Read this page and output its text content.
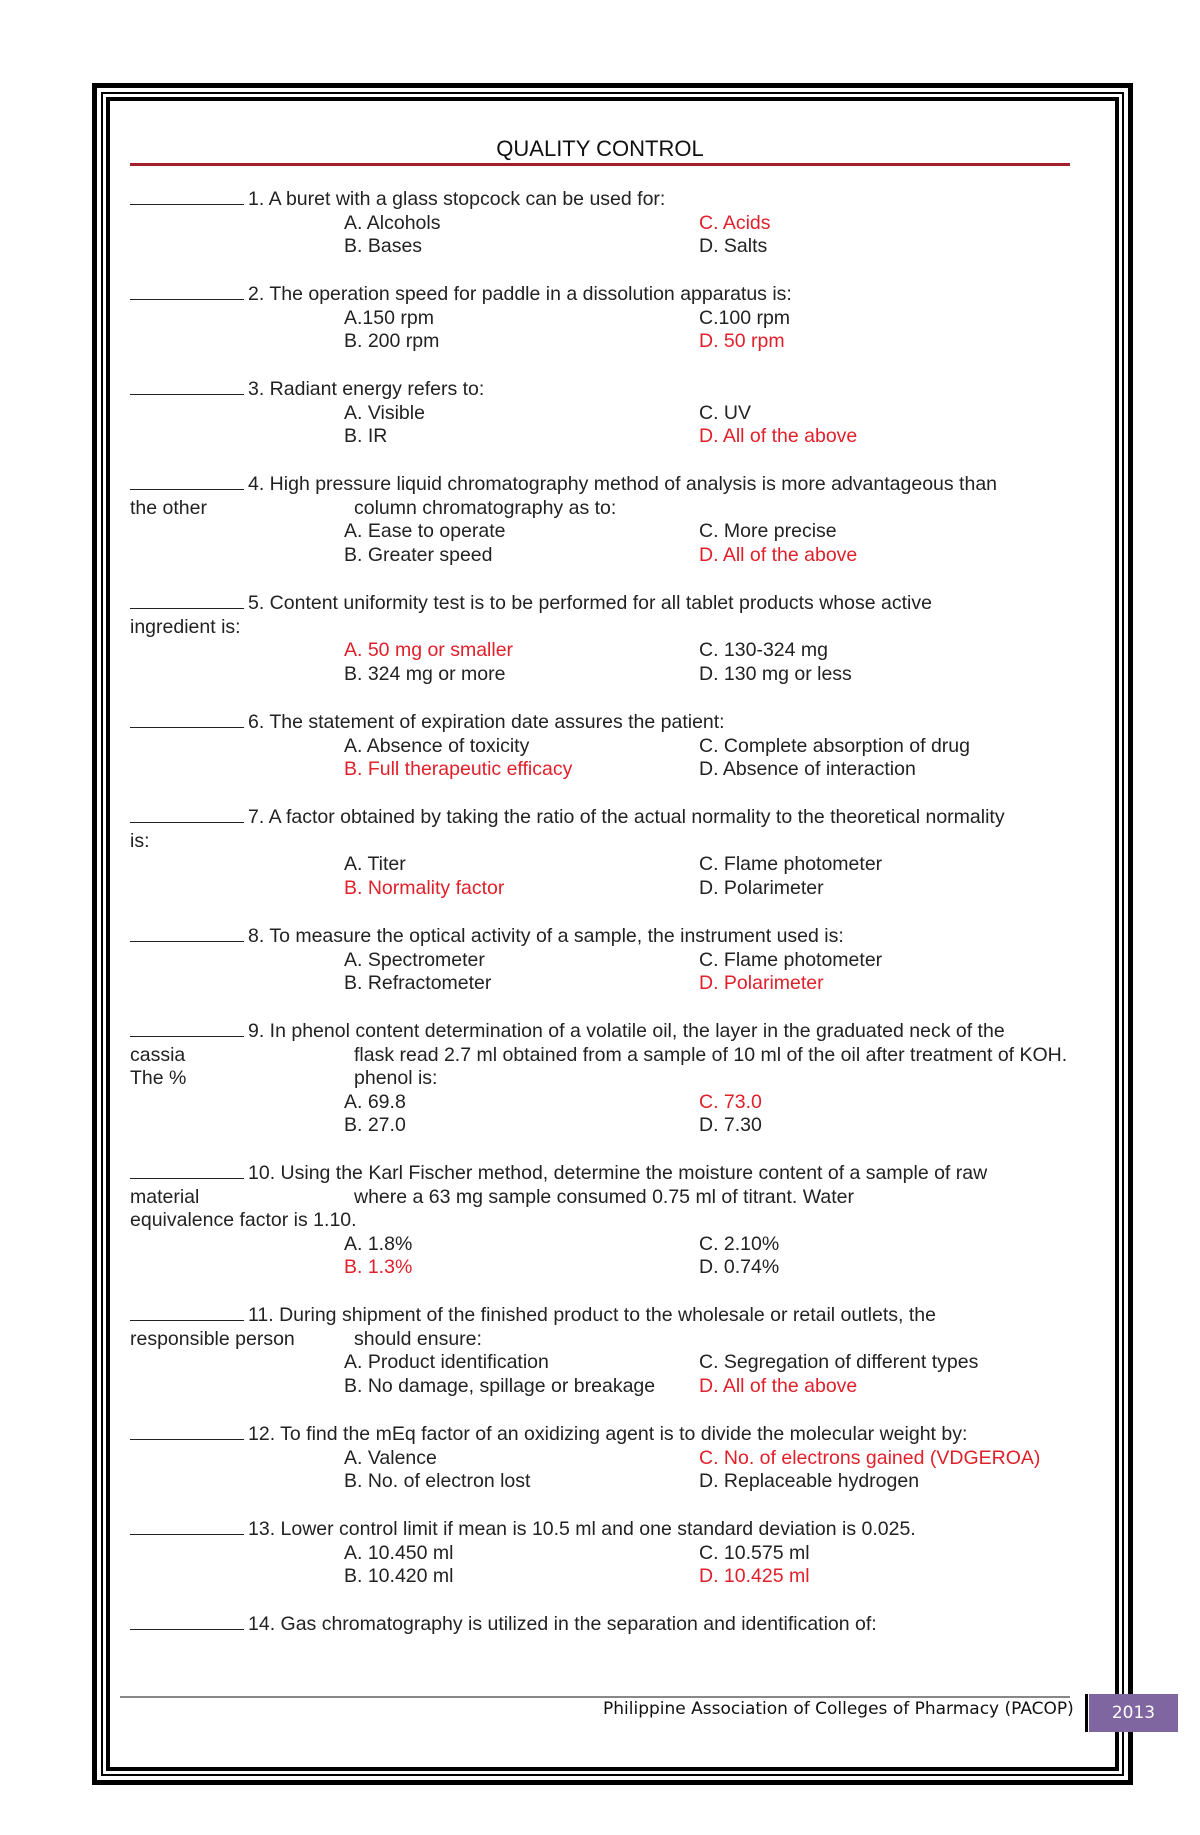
QUALITY CONTROL
1. A buret with a glass stopcock can be used for:
A. Alcohols	C. Acids
B. Bases	D. Salts
2. The operation speed for paddle in a dissolution apparatus is:
A.150 rpm	C.100 rpm
B. 200 rpm	D. 50 rpm
3. Radiant energy refers to:
A. Visible	C. UV
B. IR	D. All of the above
4. High pressure liquid chromatography method of analysis is more advantageous than
the other	column chromatography as to:
A. Ease to operate	C. More precise
B. Greater speed	D. All of the above
5. Content uniformity test is to be performed for all tablet products whose active
ingredient is:
A. 50 mg or smaller	C. 130-324 mg
B. 324 mg or more	D. 130 mg or less
6. The statement of expiration date assures the patient:
A. Absence of toxicity	C. Complete absorption of drug
B. Full therapeutic efficacy	D. Absence of interaction
7. A factor obtained by taking the ratio of the actual normality to the theoretical normality
is:
A. Titer	C. Flame photometer
B. Normality factor	D. Polarimeter
8. To measure the optical activity of a sample, the instrument used is:
A. Spectrometer	C. Flame photometer
B. Refractometer	D. Polarimeter
9. In phenol content determination of a volatile oil, the layer in the graduated neck of the
cassia	flask read 2.7 ml obtained from a sample of 10 ml of the oil after treatment of KOH.
The %	phenol is:
A. 69.8	C. 73.0
B. 27.0	D. 7.30
10. Using the Karl Fischer method, determine the moisture content of a sample of raw
material	where a 63 mg sample consumed 0.75 ml of titrant. Water
equivalence factor is 1.10.
A. 1.8%	C. 2.10%
B. 1.3%	D. 0.74%
11. During shipment of the finished product to the wholesale or retail outlets, the
responsible person	should ensure:
A. Product identification	C. Segregation of different types
B. No damage, spillage or breakage	D. All of the above
12. To find the mEq factor of an oxidizing agent is to divide the molecular weight by:
A. Valence	C. No. of electrons gained (VDGEROA)
B. No. of electron lost	D. Replaceable hydrogen
13. Lower control limit if mean is 10.5 ml and one standard deviation is 0.025.
A. 10.450 ml	C. 10.575 ml
B. 10.420 ml	D. 10.425 ml
14. Gas chromatography is utilized in the separation and identification of:
Philippine Association of Colleges of Pharmacy (PACOP)	2013
